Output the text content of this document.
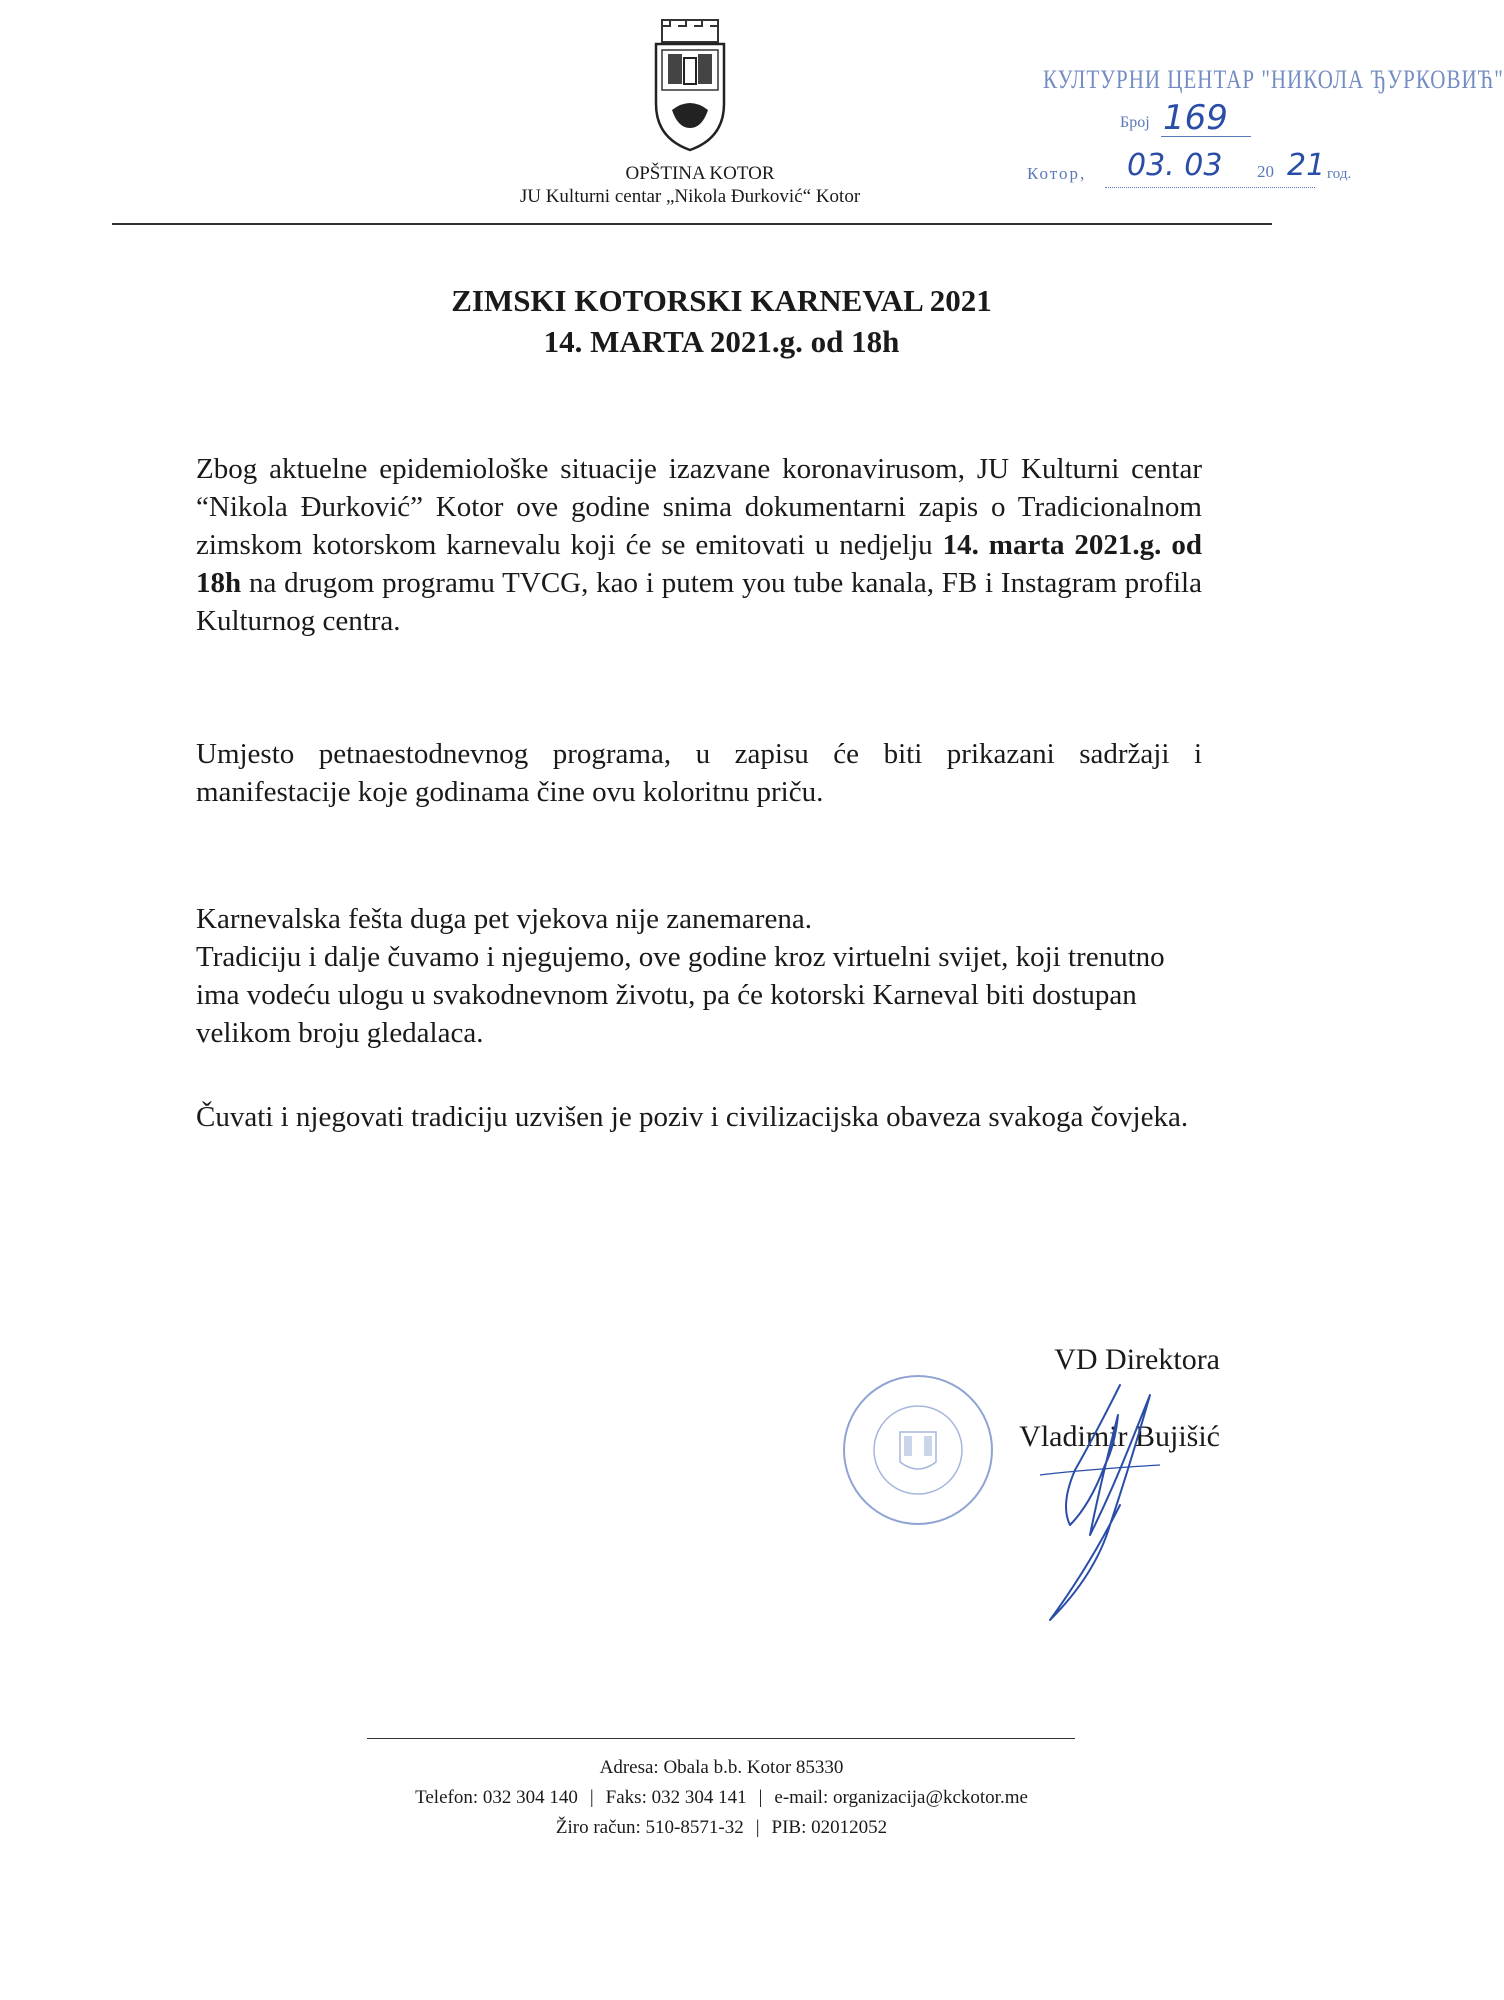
OPŠTINA KOTOR
JU Kulturni centar „Nikola Đurković“ Kotor
КУЛТУРНИ ЦЕНТАР "НИКОЛА ЂУРКОВИЋ"
Број 169
Котор, 03. 03 20 21 год.
ZIMSKI KOTORSKI KARNEVAL 2021
14. MARTA 2021.g. od 18h
Zbog aktuelne epidemiološke situacije izazvane koronavirusom, JU Kulturni centar “Nikola Đurković” Kotor ove godine snima dokumentarni zapis o Tradicionalnom zimskom kotorskom karnevalu koji će se emitovati u nedjelju 14. marta 2021.g. od 18h na drugom programu TVCG, kao i putem you tube kanala, FB i Instagram profila Kulturnog centra.
Umjesto petnaestodnevnog programa, u zapisu će biti prikazani sadržaji i manifestacije koje godinama čine ovu koloritnu priču.
Karnevalska fešta duga pet vjekova nije zanemarena.
Tradiciju i dalje čuvamo i njegujemo, ove godine kroz virtuelni svijet, koji trenutno ima vodeću ulogu u svakodnevnom životu, pa će kotorski Karneval biti dostupan velikom broju gledalaca.
Čuvati i njegovati tradiciju uzvišen je poziv i civilizacijska obaveza svakoga čovjeka.
VD Direktora
Vladimir Bujišić
Adresa: Obala b.b. Kotor 85330
Telefon: 032 304 140 | Faks: 032 304 141 | e-mail: organizacija@kckotor.me
Žiro račun: 510-8571-32 | PIB: 02012052
